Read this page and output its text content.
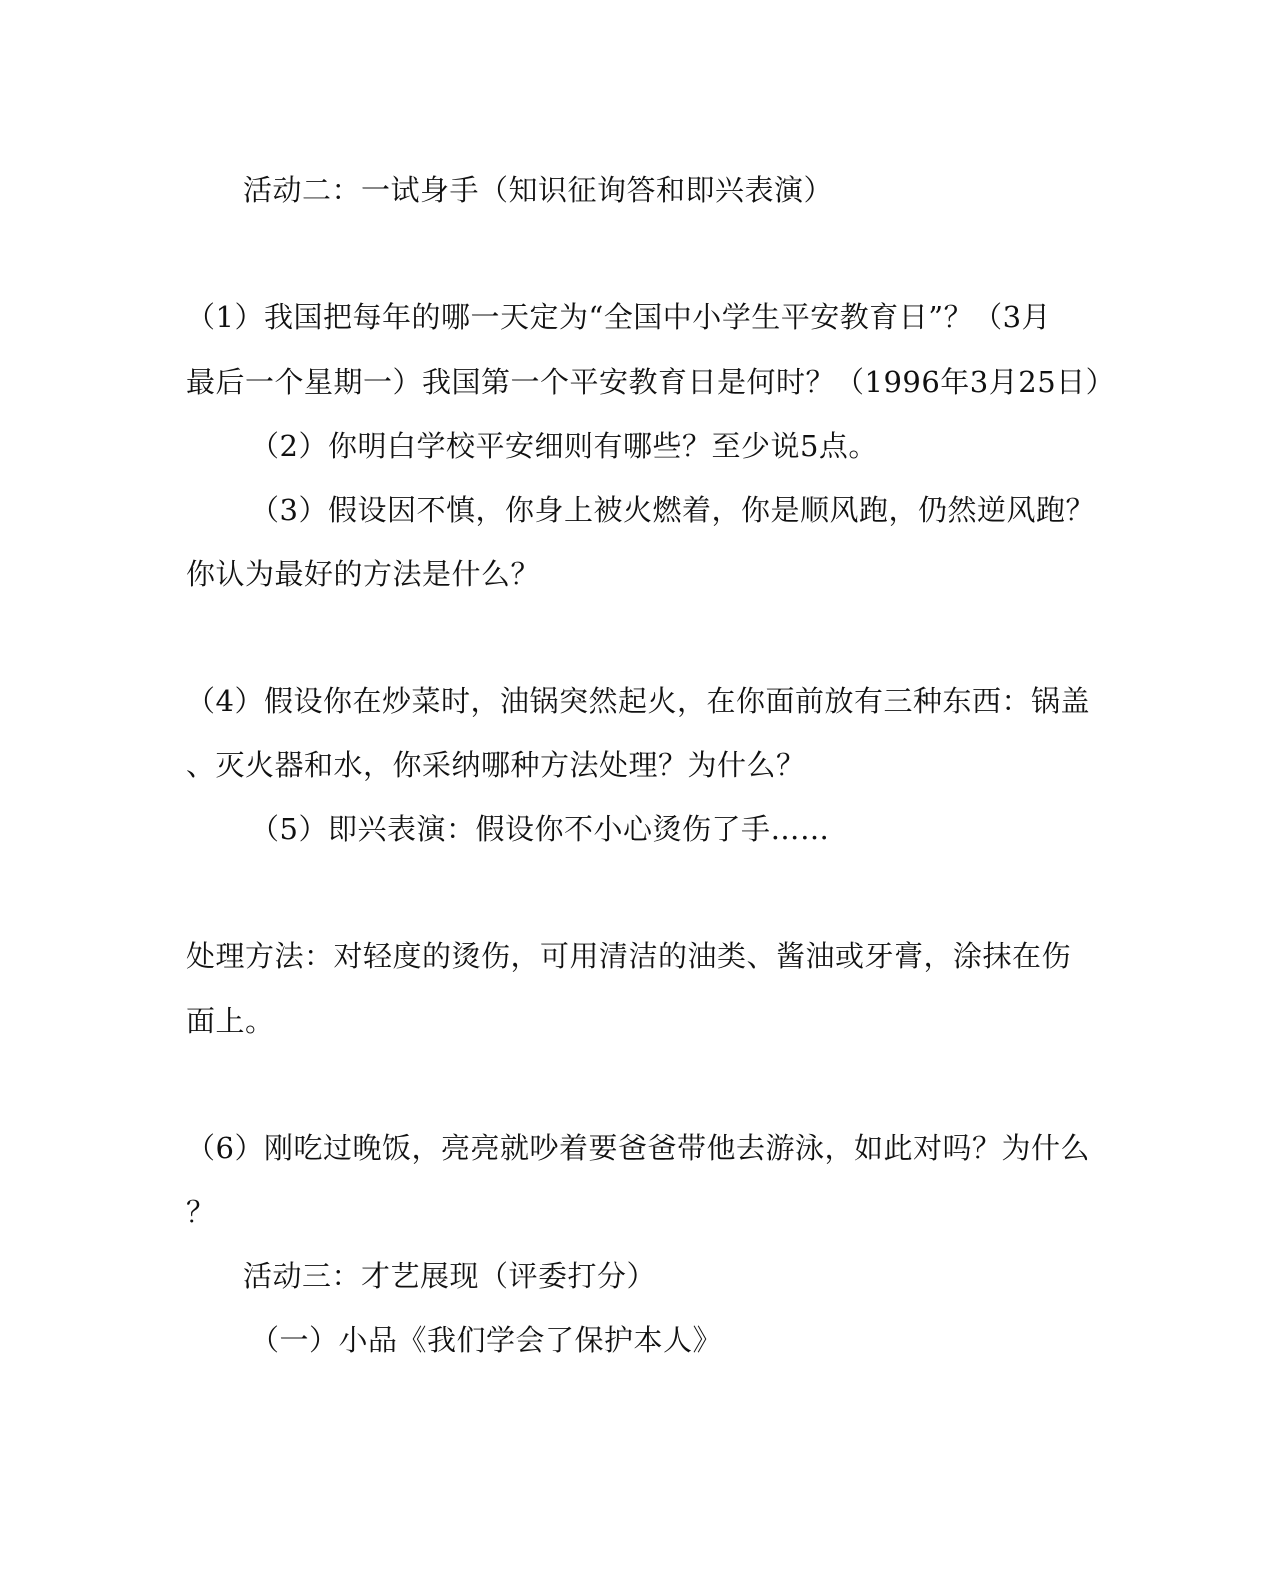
活动二：一试身手（知识征询答和即兴表演）
（1）我国把每年的哪一天定为“全国中小学生平安教育日”？（3月
最后一个星期一）我国第一个平安教育日是何时？（1996年3月25日）
（2）你明白学校平安细则有哪些？至少说5点。
（3）假设因不慎，你身上被火燃着，你是顺风跑，仍然逆风跑？
你认为最好的方法是什么？
（4）假设你在炒菜时，油锅突然起火，在你面前放有三种东西：锅盖
、灭火器和水，你采纳哪种方法处理？为什么？
（5）即兴表演：假设你不小心烫伤了手……
处理方法：对轻度的烫伤，可用清洁的油类、酱油或牙膏，涂抹在伤
面上。
（6）刚吃过晚饭，亮亮就吵着要爸爸带他去游泳，如此对吗？为什么
？
活动三：才艺展现（评委打分）
（一）小品《我们学会了保护本人》
